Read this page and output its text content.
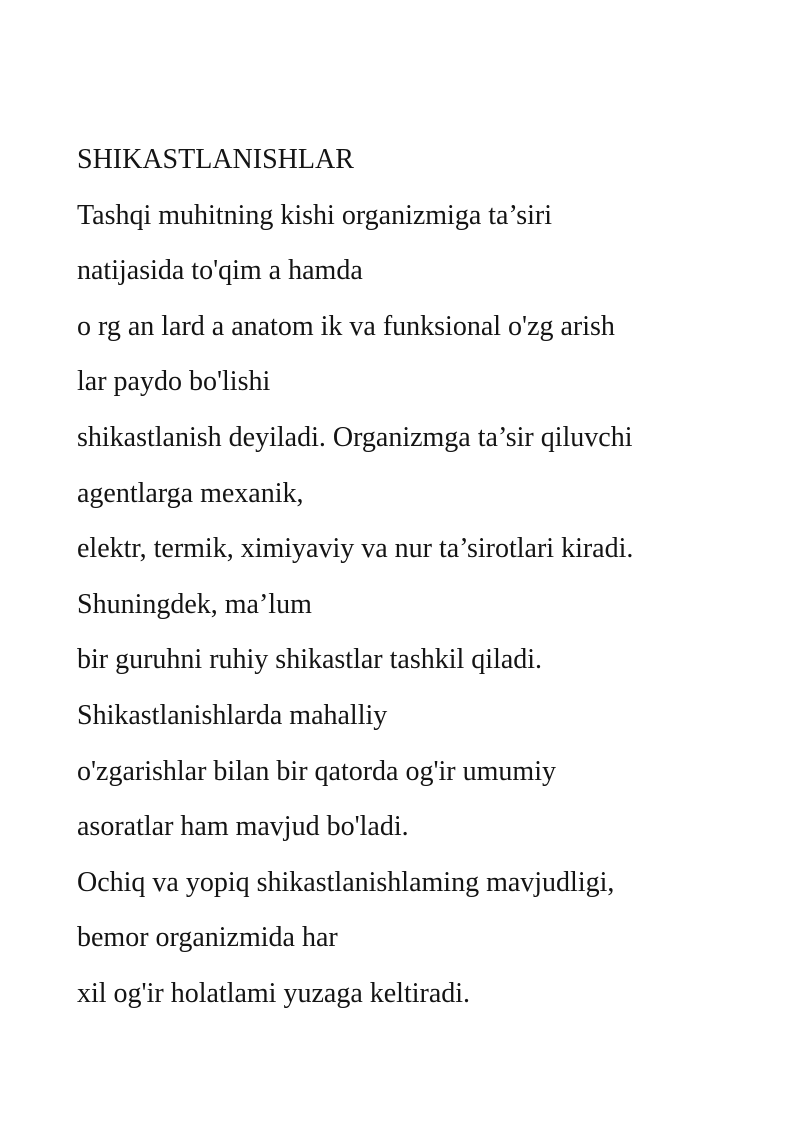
SHIKASTLANISHLAR

Tashqi muhitning kishi organizmiga ta’siri

natijasida to'qim a hamda

o rg an lard a anatom ik va funksional o'zg arish

lar paydo bo'lishi

shikastlanish deyiladi. Organizmga ta’sir qiluvchi

agentlarga mexanik,

elektr, termik, ximiyaviy va nur ta’sirotlari kiradi.

Shuningdek, ma’lum

bir guruhni ruhiy shikastlar tashkil qiladi.

Shikastlanishlarda mahalliy

o'zgarishlar bilan bir qatorda og'ir umumiy

asoratlar ham mavjud bo'ladi.

Ochiq va yopiq shikastlanishlaming mavjudligi,

bemor organizmida har

xil og'ir holatlami yuzaga keltiradi.
